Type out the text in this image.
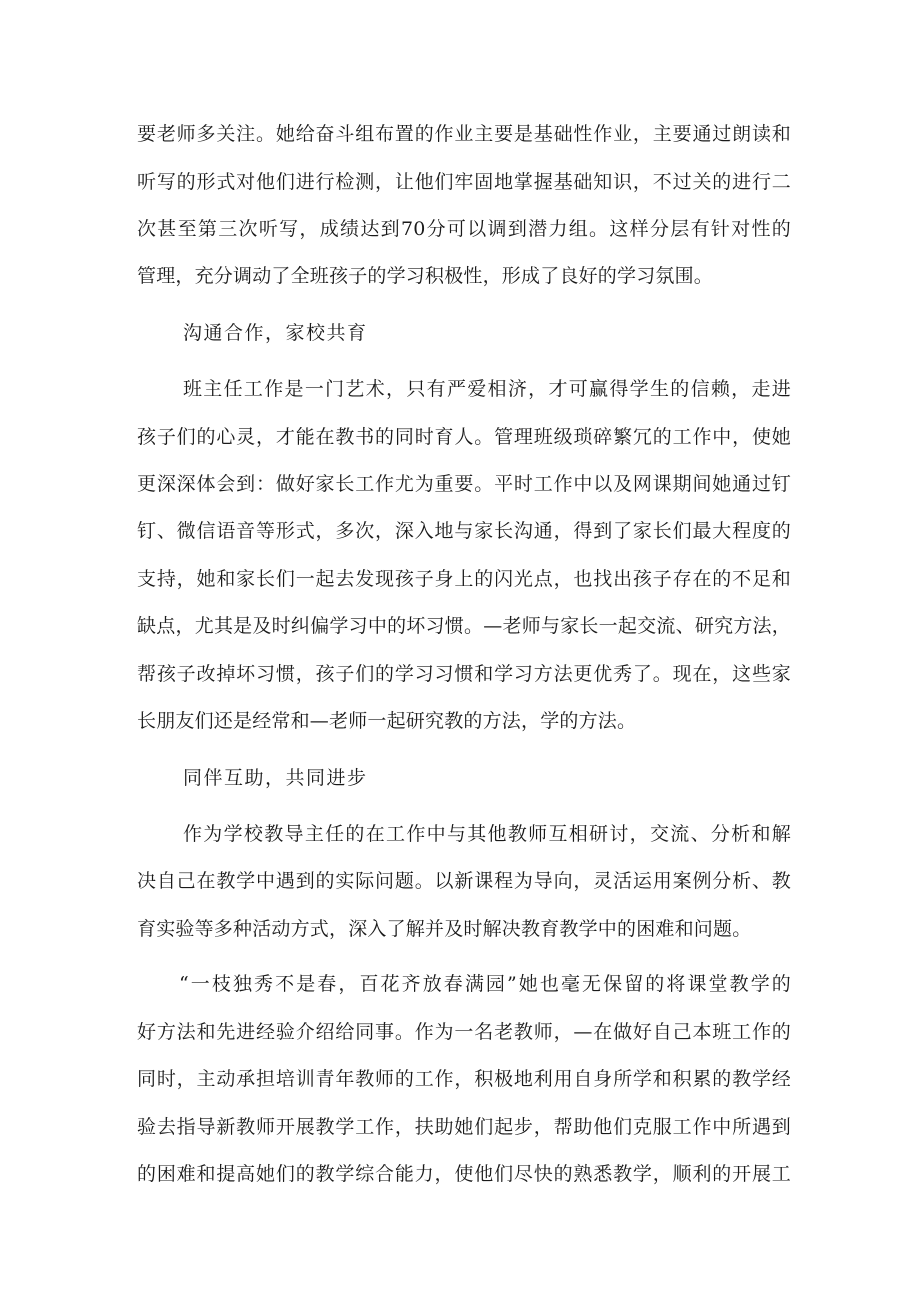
要老师多关注。她给奋斗组布置的作业主要是基础性作业，主要通过朗读和
听写的形式对他们进行检测，让他们牢固地掌握基础知识，不过关的进行二
次甚至第三次听写，成绩达到70分可以调到潜力组。这样分层有针对性的
管理，充分调动了全班孩子的学习积极性，形成了良好的学习氛围。
沟通合作，家校共育
班主任工作是一门艺术，只有严爱相济，才可赢得学生的信赖，走进
孩子们的心灵，才能在教书的同时育人。管理班级琐碎繁冗的工作中，使她
更深深体会到：做好家长工作尤为重要。平时工作中以及网课期间她通过钉
钉、微信语音等形式，多次，深入地与家长沟通，得到了家长们最大程度的
支持，她和家长们一起去发现孩子身上的闪光点，也找出孩子存在的不足和
缺点，尤其是及时纠偏学习中的坏习惯。—老师与家长一起交流、研究方法，
帮孩子改掉坏习惯，孩子们的学习习惯和学习方法更优秀了。现在，这些家
长朋友们还是经常和—老师一起研究教的方法，学的方法。
同伴互助，共同进步
作为学校教导主任的在工作中与其他教师互相研讨，交流、分析和解
决自己在教学中遇到的实际问题。以新课程为导向，灵活运用案例分析、教
育实验等多种活动方式，深入了解并及时解决教育教学中的困难和问题。
“一枝独秀不是春，百花齐放春满园”她也毫无保留的将课堂教学的
好方法和先进经验介绍给同事。作为一名老教师，—在做好自己本班工作的
同时，主动承担培训青年教师的工作，积极地利用自身所学和积累的教学经
验去指导新教师开展教学工作，扶助她们起步，帮助他们克服工作中所遇到
的困难和提高她们的教学综合能力，使他们尽快的熟悉教学，顺利的开展工
